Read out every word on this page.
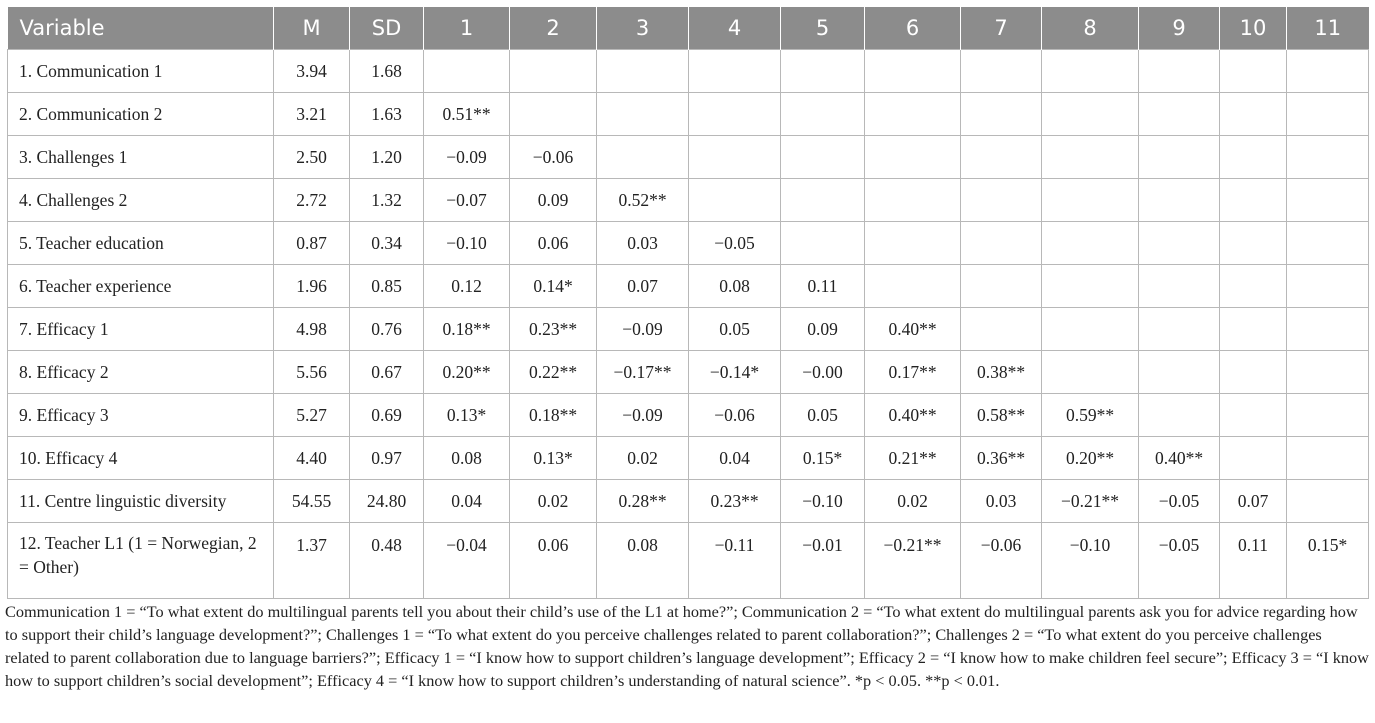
Variable	M	SD	1	2	3	4	5	6	7	8	9	10	11
1. Communication 1	3.94	1.68											
2. Communication 2	3.21	1.63	0.51**										
3. Challenges 1	2.50	1.20	−0.09	−0.06									
4. Challenges 2	2.72	1.32	−0.07	0.09	0.52**								
5. Teacher education	0.87	0.34	−0.10	0.06	0.03	−0.05							
6. Teacher experience	1.96	0.85	0.12	0.14*	0.07	0.08	0.11						
7. Efficacy 1	4.98	0.76	0.18**	0.23**	−0.09	0.05	0.09	0.40**					
8. Efficacy 2	5.56	0.67	0.20**	0.22**	−0.17**	−0.14*	−0.00	0.17**	0.38**				
9. Efficacy 3	5.27	0.69	0.13*	0.18**	−0.09	−0.06	0.05	0.40**	0.58**	0.59**			
10. Efficacy 4	4.40	0.97	0.08	0.13*	0.02	0.04	0.15*	0.21**	0.36**	0.20**	0.40**		
11. Centre linguistic diversity	54.55	24.80	0.04	0.02	0.28**	0.23**	−0.10	0.02	0.03	−0.21**	−0.05	0.07	
12. Teacher L1 (1 = Norwegian, 2 = Other)	1.37	0.48	−0.04	0.06	0.08	−0.11	−0.01	−0.21**	−0.06	−0.10	−0.05	0.11	0.15*
Communication 1 = “To what extent do multilingual parents tell you about their child’s use of the L1 at home?”; Communication 2 = “To what extent do multilingual parents ask you for advice regarding how to support their child’s language development?”; Challenges 1 = “To what extent do you perceive challenges related to parent collaboration?”; Challenges 2 = “To what extent do you perceive challenges related to parent collaboration due to language barriers?”; Efficacy 1 = “I know how to support children’s language development”; Efficacy 2 = “I know how to make children feel secure”; Efficacy 3 = “I know how to support children’s social development”; Efficacy 4 = “I know how to support children’s understanding of natural science”. *p < 0.05. **p < 0.01.
